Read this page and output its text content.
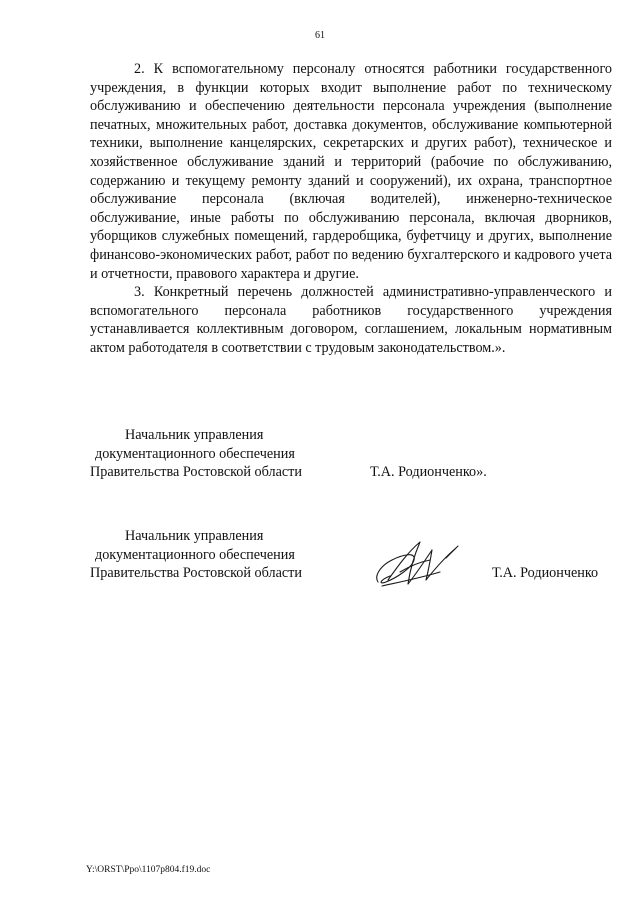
61

2. К вспомогательному персоналу относятся работники государственного учреждения, в функции которых входит выполнение работ по техническому обслуживанию и обеспечению деятельности персонала учреждения (выполнение печатных, множительных работ, доставка документов, обслуживание компьютерной техники, выполнение канцелярских, секретарских и других работ), техническое и хозяйственное обслуживание зданий и территорий (рабочие по обслуживанию, содержанию и текущему ремонту зданий и сооружений), их охрана, транспортное обслуживание персонала (включая водителей), инженерно-техническое обслуживание, иные работы по обслуживанию персонала, включая дворников, уборщиков служебных помещений, гардеробщика, буфетчицу и других, выполнение финансово-экономических работ, работ по ведению бухгалтерского и кадрового учета и отчетности, правового характера и другие.

3. Конкретный перечень должностей административно-управленческого и вспомогательного персонала работников государственного учреждения устанавливается коллективным договором, соглашением, локальным нормативным актом работодателя в соответствии с трудовым законодательством.».

Начальник управления
документационного обеспечения
Правительства Ростовской области	Т.А. Родионченко».
Начальник управления
документационного обеспечения
Правительства Ростовской области	Т.А. Родионченко
Y:\ORST\Ppo\1107p804.f19.doc
